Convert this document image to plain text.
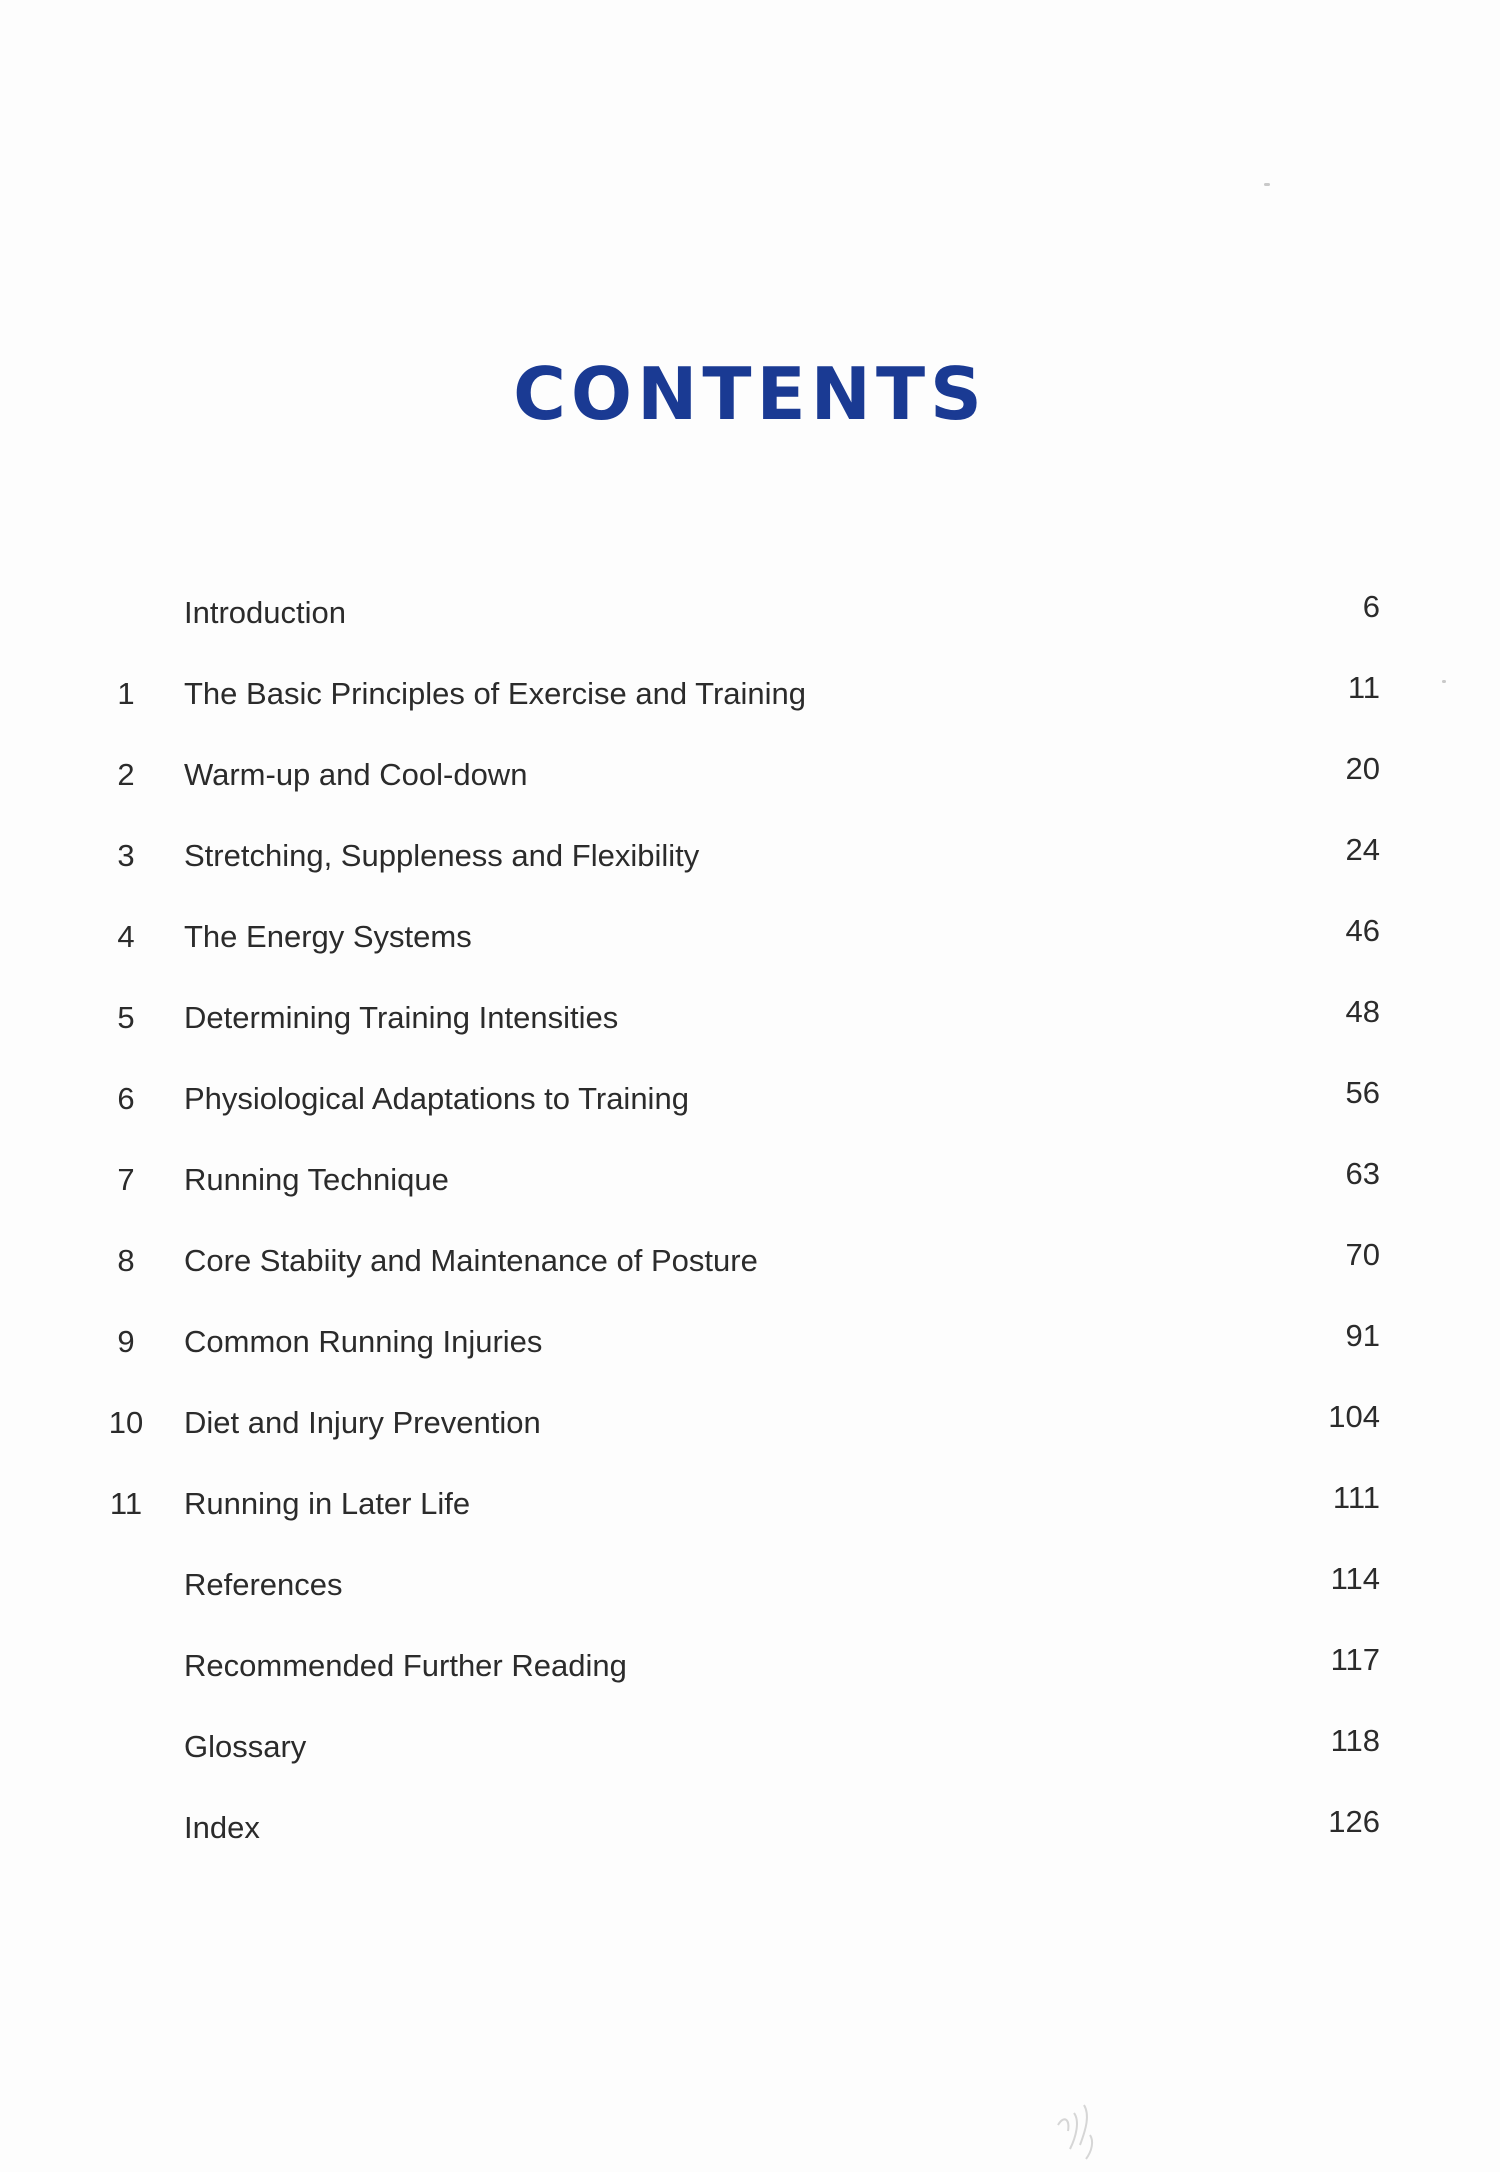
CONTENTS
Introduction	6
1	The Basic Principles of Exercise and Training	11
2	Warm-up and Cool-down	20
3	Stretching, Suppleness and Flexibility	24
4	The Energy Systems	46
5	Determining Training Intensities	48
6	Physiological Adaptations to Training	56
7	Running Technique	63
8	Core Stabiity and Maintenance of Posture	70
9	Common Running Injuries	91
10	Diet and Injury Prevention	104
11	Running in Later Life	111
References	114
Recommended Further Reading	117
Glossary	118
Index	126
